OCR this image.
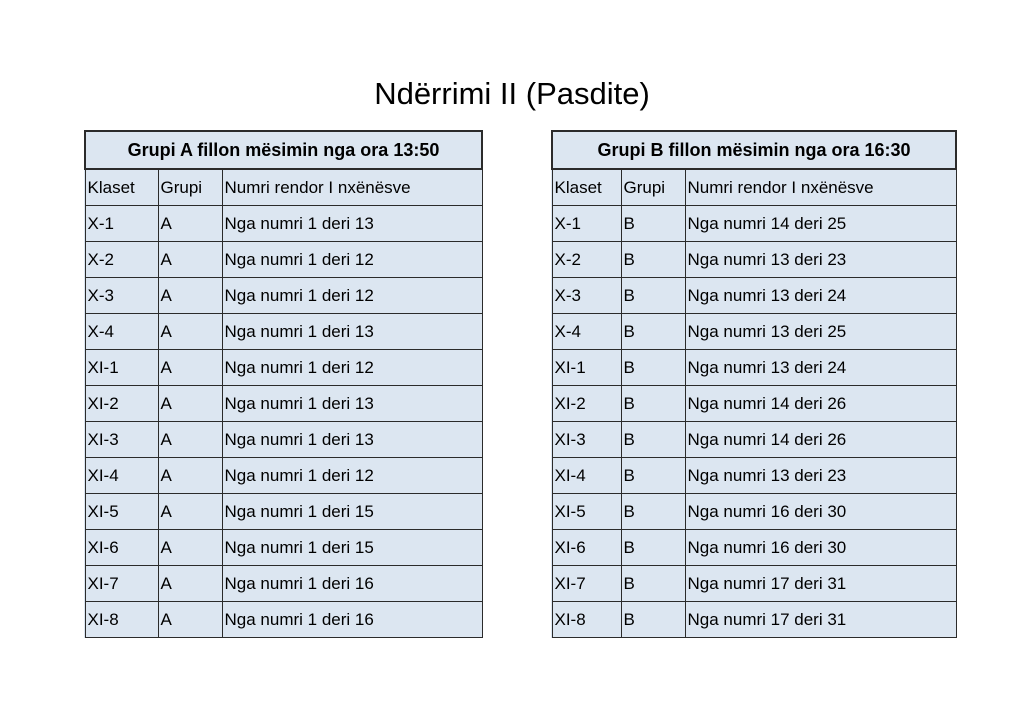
Ndërrimi II (Pasdite)
Grupi A fillon mësimin nga ora 13:50		
Klaset	Grupi	Numri rendor I nxënësve
X-1	A	Nga numri 1 deri 13
X-2	A	Nga numri 1 deri 12
X-3	A	Nga numri 1 deri 12
X-4	A	Nga numri 1 deri 13
XI-1	A	Nga numri 1 deri 12
XI-2	A	Nga numri 1 deri 13
XI-3	A	Nga numri 1 deri 13
XI-4	A	Nga numri 1 deri 12
XI-5	A	Nga numri 1 deri 15
XI-6	A	Nga numri 1 deri 15
XI-7	A	Nga numri 1 deri 16
XI-8	A	Nga numri 1 deri 16
Grupi B fillon mësimin nga ora 16:30		
Klaset	Grupi	Numri rendor I nxënësve
X-1	B	Nga numri 14 deri 25
X-2	B	Nga numri 13 deri 23
X-3	B	Nga numri 13 deri 24
X-4	B	Nga numri 13 deri 25
XI-1	B	Nga numri 13 deri 24
XI-2	B	Nga numri 14 deri 26
XI-3	B	Nga numri 14 deri 26
XI-4	B	Nga numri 13 deri 23
XI-5	B	Nga numri 16 deri 30
XI-6	B	Nga numri 16 deri 30
XI-7	B	Nga numri 17 deri 31
XI-8	B	Nga numri 17 deri 31
